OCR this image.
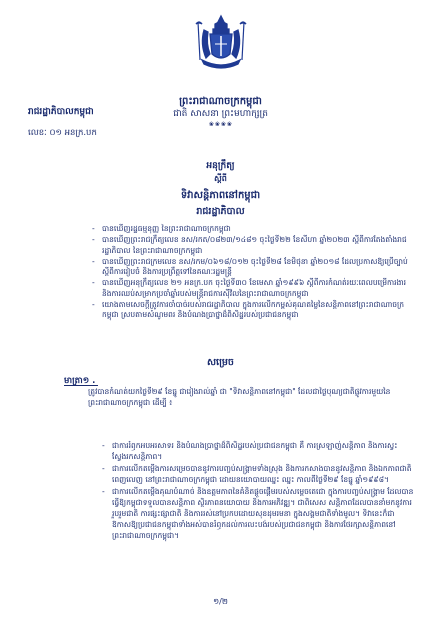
ព្រះរាជាណាចក្រកម្ពុជា
រាជរដ្ឋាភិបាលកម្ពុជា	ជាតិ សាសនា ព្រះមហាក្សត្រ
❀❀❀❀
លេខៈ ០១ អនក្រ.បក
អនុក្រឹត្យ
ស្ដីពី
ទិវាសន្តិភាពនៅកម្ពុជា
រាជរដ្ឋាភិបាល
- បានឃើញរដ្ឋធម្មនុញ្ញ នៃព្រះរាជាណាចក្រកម្ពុជា
- បានឃើញព្រះរាជក្រឹត្យលេខ នស/រកត/០៨២៣/១៤៨១ ចុះថ្ងៃទី២២ ខែសីហា ឆ្នាំ២០២៣ ស្ដីពីការតែងតាំងរាជរដ្ឋាភិបាល នៃព្រះរាជាណាចក្រកម្ពុជា
- បានឃើញព្រះរាជក្រមលេខ នស/រកម/០៦១៨/០១២ ចុះថ្ងៃទី២៨ ខែមិថុនា ឆ្នាំ២០១៨ ដែលប្រកាសឱ្យប្រើច្បាប់ស្ដីពីការរៀបចំ និងការប្រព្រឹត្តទៅនៃគណៈរដ្ឋមន្ត្រី
- បានឃើញអនុក្រឹត្យលេខ ២១ អនក្រ.បក ចុះថ្ងៃទី៣០ ខែមេសា ឆ្នាំ១៩៩៦ ស្ដីពីការកំណត់រយៈពេលបម្រើការងារនិងការឈប់សម្រាកប្រចាំឆ្នាំរបស់មន្ត្រីរាជការស៊ីវិលនៃព្រះរាជាណាចក្រកម្ពុជា
- យោងតាមសេចក្ដីត្រូវការចាំបាច់របស់រាជរដ្ឋាភិបាល ក្នុងការលើកកម្ពស់គុណតម្លៃនៃសន្តិភាពនៅព្រះរាជាណាចក្រកម្ពុជា ស្របតាមសំណូមពរ និងបំណងប្រាថ្នាដ៏ពិសិដ្ឋរបស់ប្រជាជនកម្ពុជា
សម្រេច
មាត្រា១ .

ត្រូវបានកំណត់យកថ្ងៃទី២៩ ខែធ្នូ ជារៀងរាល់ឆ្នាំ ជា "ទិវាសន្តិភាពនៅកម្ពុជា" ដែលជាថ្ងៃបុណ្យជាតិផ្លូវការមួយនៃព្រះរាជាណាចក្រកម្ពុជា ដើម្បី ៖

- ជាការរំឭកអបអរសាទរ និងបំណងប្រាថ្នាដ៏ពិសិដ្ឋរបស់ប្រជាជនកម្ពុជា គឺ ការស្រឡាញ់សន្តិភាព និងការស្វះស្វែងរកសន្តិភាព។
- ជាការលើកតម្កើងការសម្រេចបាននូវការបញ្ចប់សង្គ្រាមទាំងស្រុង និងការកសាងបាននូវសន្តិភាព និងឯកភាពជាតិពេញលេញ នៅព្រះរាជាណាចក្រកម្ពុជា ដោយនយោបាយឈ្នះ ឈ្នះ កាលពីថ្ងៃទី២៩ ខែធ្នូ ឆ្នាំ១៩៩៨។
- ជាការលើកតម្កើងគុណបំណាច់ និងឧត្តមភាពនៃគំនិតផ្ដួចផ្ដើមរបស់សម្តេចតេជោ ក្នុងការបញ្ចប់សង្គ្រាម ដែលបានធ្វើឱ្យកម្ពុជាទទួលបានសន្តិភាព ស្ថិរភាពនយោបាយ និងការអភិវឌ្ឍ។ ជាពិសេស សន្តិភាពដែលបាននាំមកនូវការរួបរួមជាតិ ការផ្សះផ្សាជាតិ និងការរស់នៅប្រកបដោយសុខដុមរមនា ក្នុងសង្គមជាតិទាំងមូល។ ទិវានេះក៏ជាឱកាសឱ្យប្រជាជនកម្ពុជាទាំងអស់បានរំឭកដល់ការលះបង់របស់ប្រជាជនកម្ពុជា និងការថែរក្សាសន្តិភាពនៅព្រះរាជាណាចក្រកម្ពុជា។
១/២
